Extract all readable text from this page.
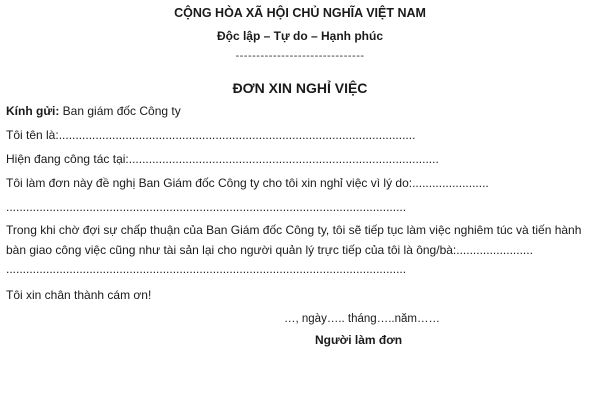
CỘNG HÒA XÃ HỘI CHỦ NGHĨA VIỆT NAM
Độc lập – Tự do – Hạnh phúc
-------------------------------
ĐƠN XIN NGHỈ VIỆC
Kính gửi: Ban giám đốc Công ty
Tôi tên là:...........................................................................................................
Hiện đang công tác tại:.............................................................................................
Tôi làm đơn này đề nghị Ban Giám đốc Công ty cho tôi xin nghỉ việc vì lý do:.......................
........................................................................................................................
Trong khi chờ đợi sự chấp thuận của Ban Giám đốc Công ty, tôi sẽ tiếp tục làm việc nghiêm túc và tiến hành bàn giao công việc cũng như tài sản lại cho người quản lý trực tiếp của tôi là ông/bà:.......................
........................................................................................................................
Tôi xin chân thành cám ơn!
…, ngày….. tháng…..năm……
Người làm đơn
